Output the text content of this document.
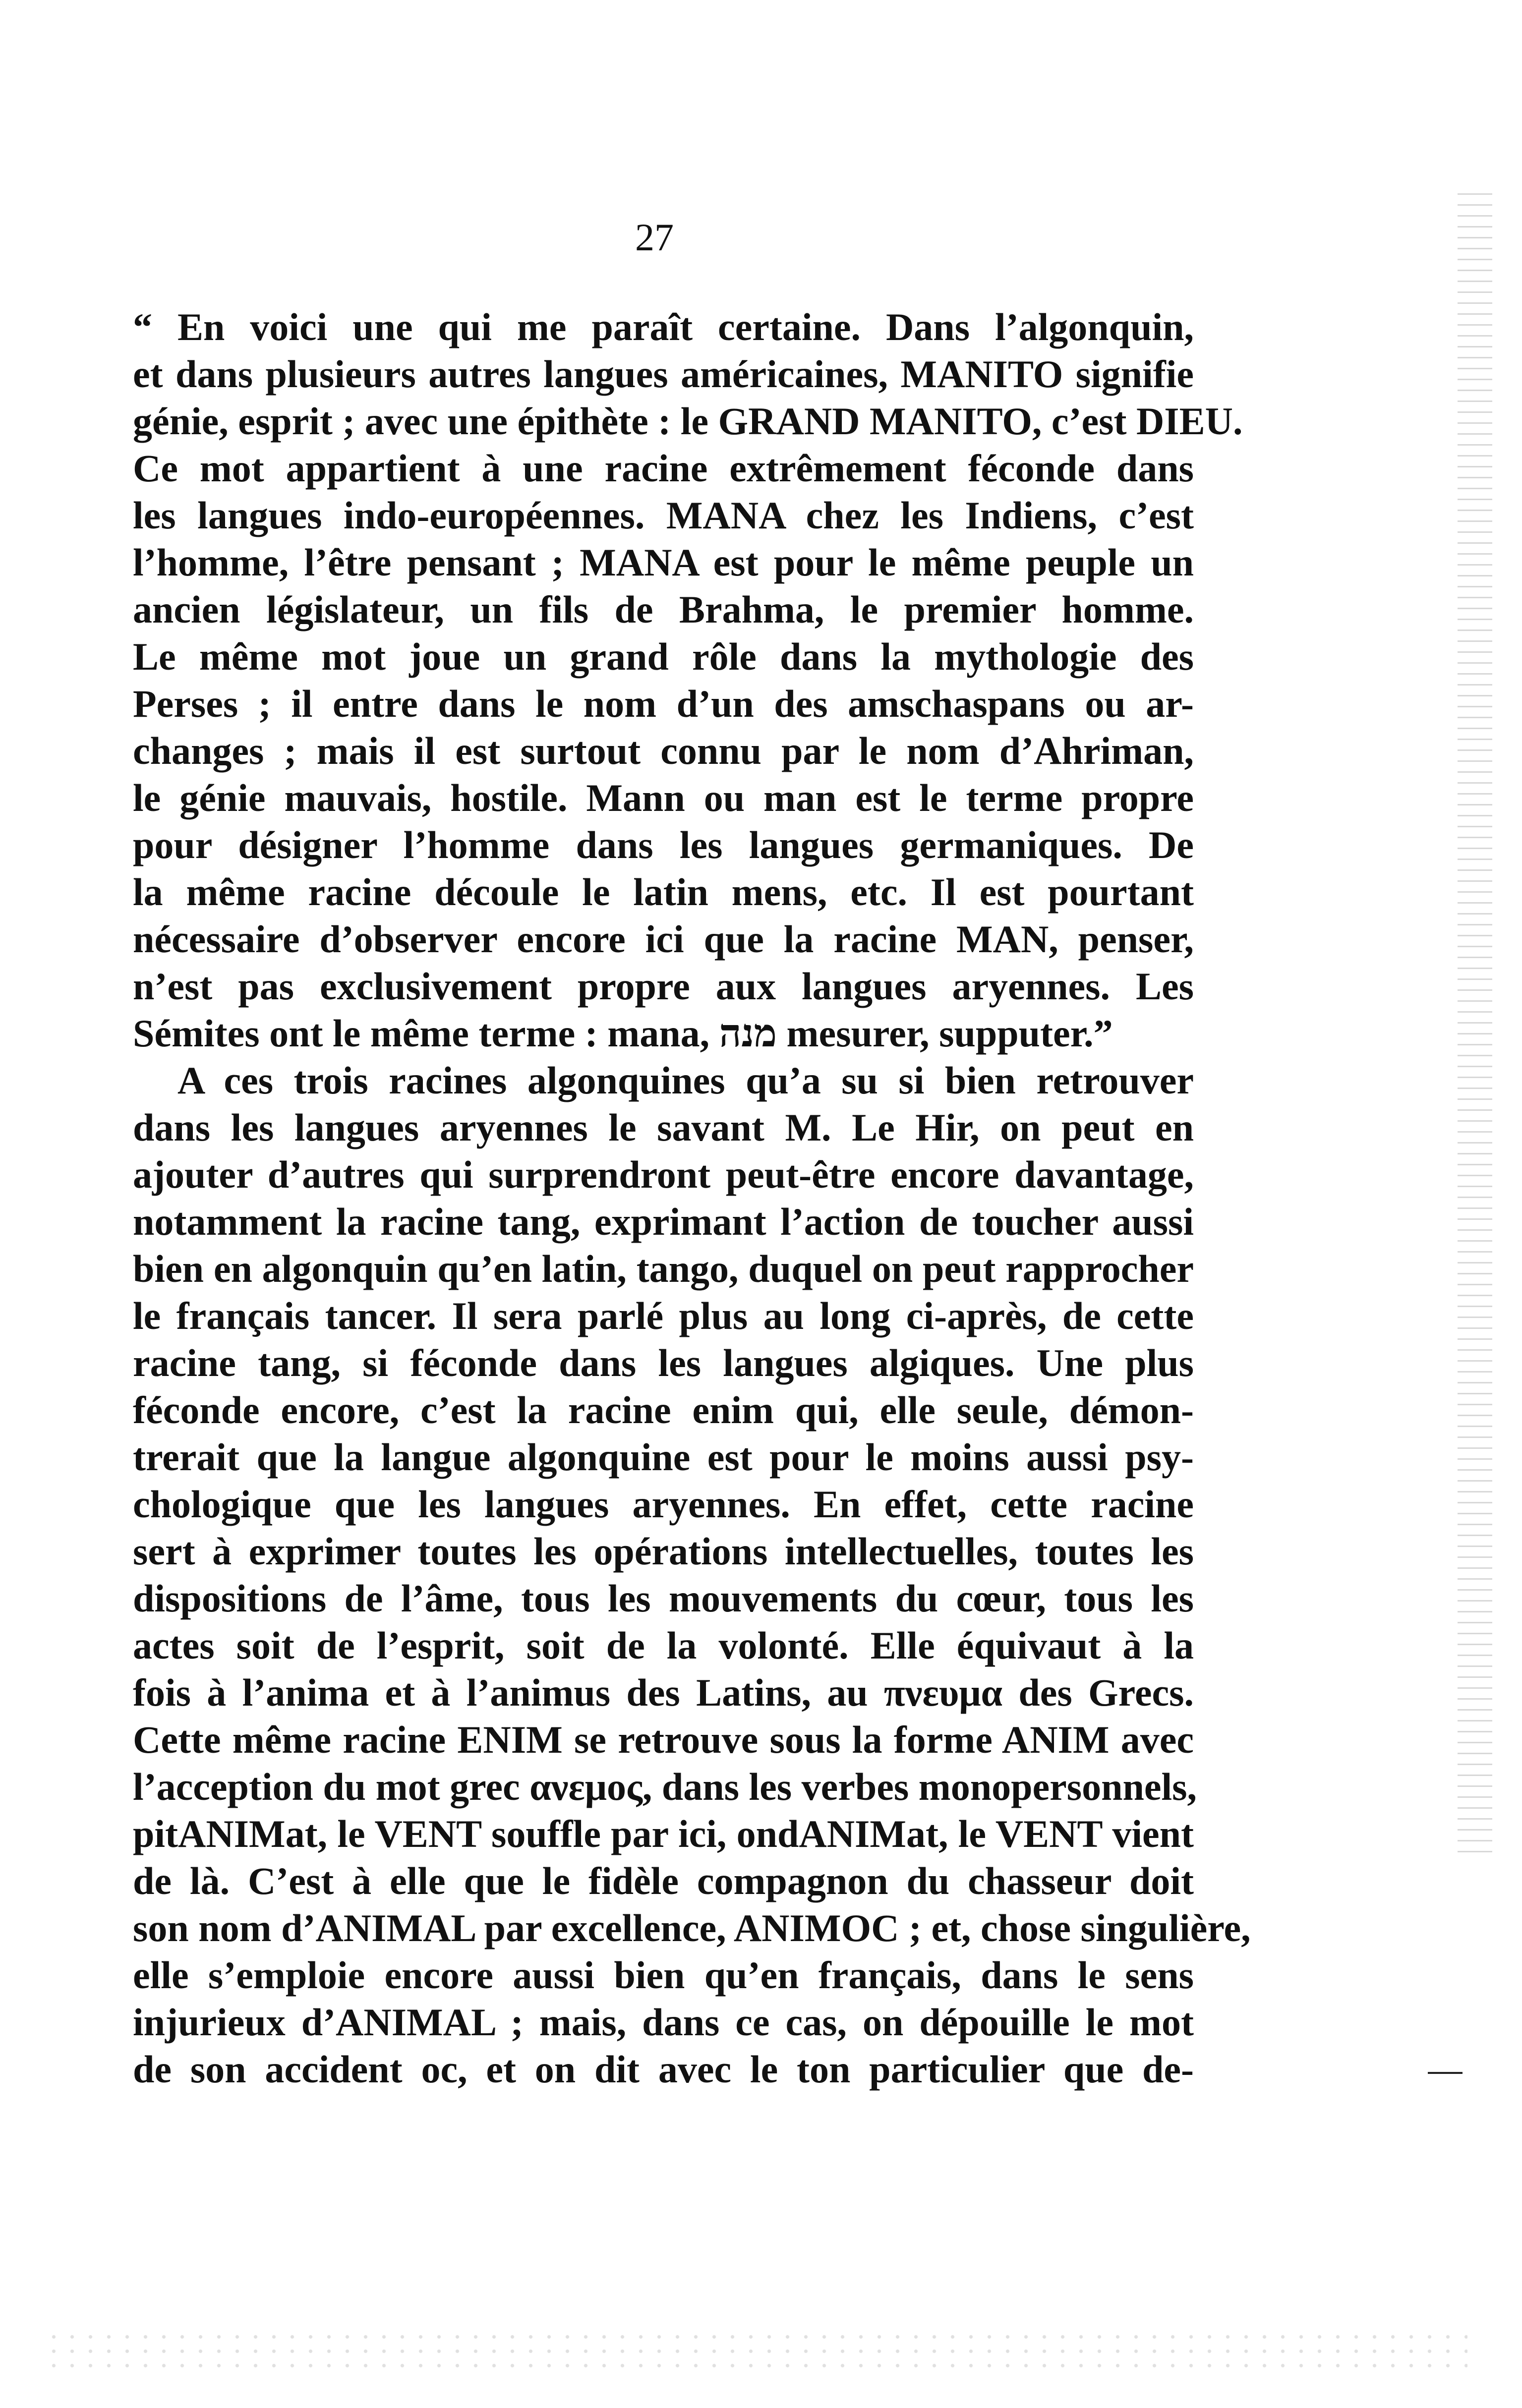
27

“ En voici une qui me paraît certaine. Dans l’algonquin,
et dans plusieurs autres langues américaines, MANITO signifie
génie, esprit ; avec une épithète : le GRAND MANITO, c’est DIEU.
Ce mot appartient à une racine extrêmement féconde dans
les langues indo-européennes. MANA chez les Indiens, c’est
l’homme, l’être pensant ; MANA est pour le même peuple un
ancien législateur, un fils de Brahma, le premier homme.
Le même mot joue un grand rôle dans la mythologie des
Perses ; il entre dans le nom d’un des amschaspans ou ar-
changes ; mais il est surtout connu par le nom d’Ahriman,
le génie mauvais, hostile. Mann ou man est le terme propre
pour désigner l’homme dans les langues germaniques. De
la même racine découle le latin mens, etc. Il est pourtant
nécessaire d’observer encore ici que la racine MAN, penser,
n’est pas exclusivement propre aux langues aryennes. Les
Sémites ont le même terme : mana, מנה mesurer, supputer.”
A ces trois racines algonquines qu’a su si bien retrouver
dans les langues aryennes le savant M. Le Hir, on peut en
ajouter d’autres qui surprendront peut-être encore davantage,
notamment la racine tang, exprimant l’action de toucher aussi
bien en algonquin qu’en latin, tango, duquel on peut rapprocher
le français tancer. Il sera parlé plus au long ci-après, de cette
racine tang, si féconde dans les langues algiques. Une plus
féconde encore, c’est la racine enim qui, elle seule, démon-
trerait que la langue algonquine est pour le moins aussi psy-
chologique que les langues aryennes. En effet, cette racine
sert à exprimer toutes les opérations intellectuelles, toutes les
dispositions de l’âme, tous les mouvements du cœur, tous les
actes soit de l’esprit, soit de la volonté. Elle équivaut à la
fois à l’anima et à l’animus des Latins, au πνευμα des Grecs.
Cette même racine ENIM se retrouve sous la forme ANIM avec
l’acception du mot grec ανεμος, dans les verbes monopersonnels,
pitANIMat, le VENT souffle par ici, ondANIMat, le VENT vient
de là. C’est à elle que le fidèle compagnon du chasseur doit
son nom d’ANIMAL par excellence, ANIMOC ; et, chose singulière,
elle s’emploie encore aussi bien qu’en français, dans le sens
injurieux d’ANIMAL ; mais, dans ce cas, on dépouille le mot
de son accident oc, et on dit avec le ton particulier que de-
